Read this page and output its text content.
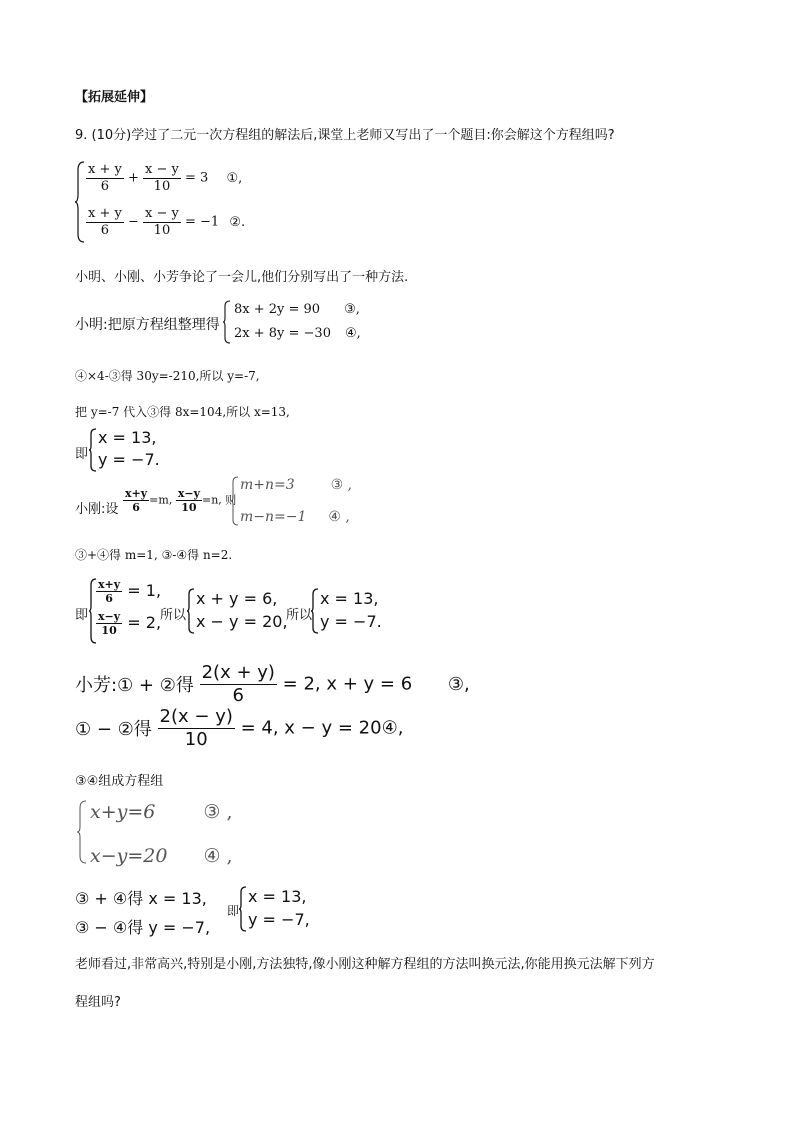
【拓展延伸】
9. (10分)学过了二元一次方程组的解法后,课堂上老师又写出了一个题目:你会解这个方程组吗?
$\frac{x + y}{6} + \frac{x - y}{10} = 3$ ①,
$\frac{x + y}{6} - \frac{x - y}{10} = -1$ ②.
小明、小刚、小芳争论了一会儿,他们分别写出了一种方法.
小明:把原方程组整理得
8x + 2y = 90 ③,
2x + 8y = −30 ④,
④×4-③得 30y=-210,所以 y=-7,
把 y=-7 代入③得 8x=104,所以 x=13,
即
x = 13,
y = −7.
小刚:设 $\frac{x+y}{6} =m$, $\frac{x-y}{10} =n$, 则
m+n=3	③ ,
m−n=−1 ④ ,
③+④得 m=1, ③-④得 n=2.
即
$\frac{x+y}{6} = 1$,
$\frac{x-y}{10} = 2$,
所以
x + y = 6,
x − y = 20,
所以
x = 13,
y = −7.
小芳:① + ②得 $\frac{2(x + y)}{6} = 2$, x + y = 6 ③,
① − ②得 $\frac{2(x - y)}{10} = 4$, x − y = 20④,
③④组成方程组
x+y=6	③ ,
x−y=20 ④ ,
③ + ④得 x = 13,
③ − ④得 y = −7,
即
x = 13,
y = −7,
老师看过,非常高兴,特别是小刚,方法独特,像小刚这种解方程组的方法叫换元法,你能用换元法解下列方
程组吗?
